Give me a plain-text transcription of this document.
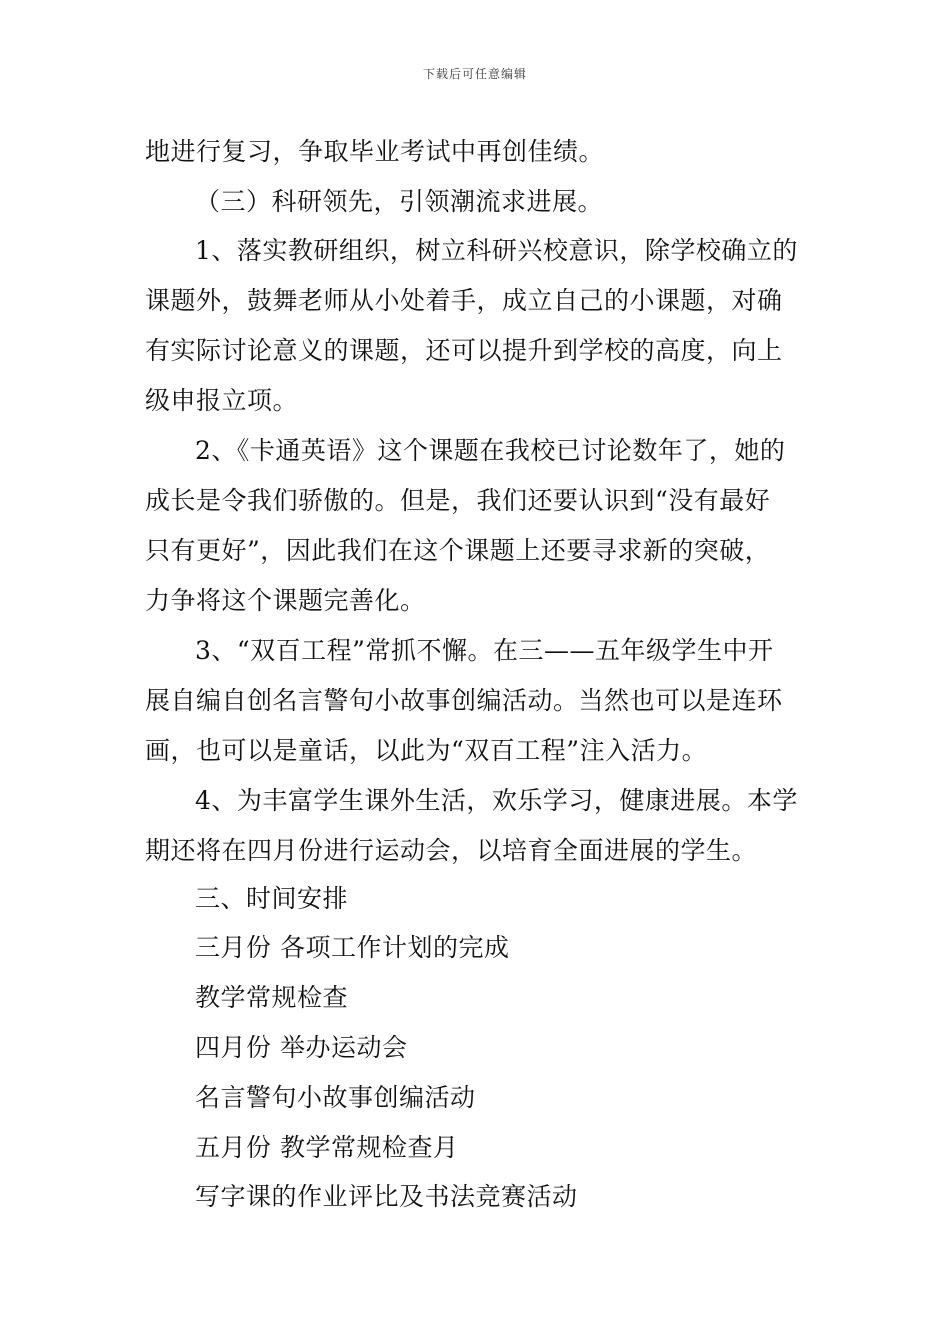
下载后可任意编辑
地进行复习，争取毕业考试中再创佳绩。
（三）科研领先，引领潮流求进展。
1、落实教研组织，树立科研兴校意识，除学校确立的
课题外，鼓舞老师从小处着手，成立自己的小课题，对确
有实际讨论意义的课题，还可以提升到学校的高度，向上
级申报立项。
2、《卡通英语》这个课题在我校已讨论数年了，她的
成长是令我们骄傲的。但是，我们还要认识到“没有最好
只有更好”，因此我们在这个课题上还要寻求新的突破，
力争将这个课题完善化。
3、“双百工程”常抓不懈。在三——五年级学生中开
展自编自创名言警句小故事创编活动。当然也可以是连环
画，也可以是童话，以此为“双百工程”注入活力。
4、为丰富学生课外生活，欢乐学习，健康进展。本学
期还将在四月份进行运动会，以培育全面进展的学生。
三、时间安排
三月份 各项工作计划的完成
教学常规检查
四月份 举办运动会
名言警句小故事创编活动
五月份 教学常规检查月
写字课的作业评比及书法竞赛活动
